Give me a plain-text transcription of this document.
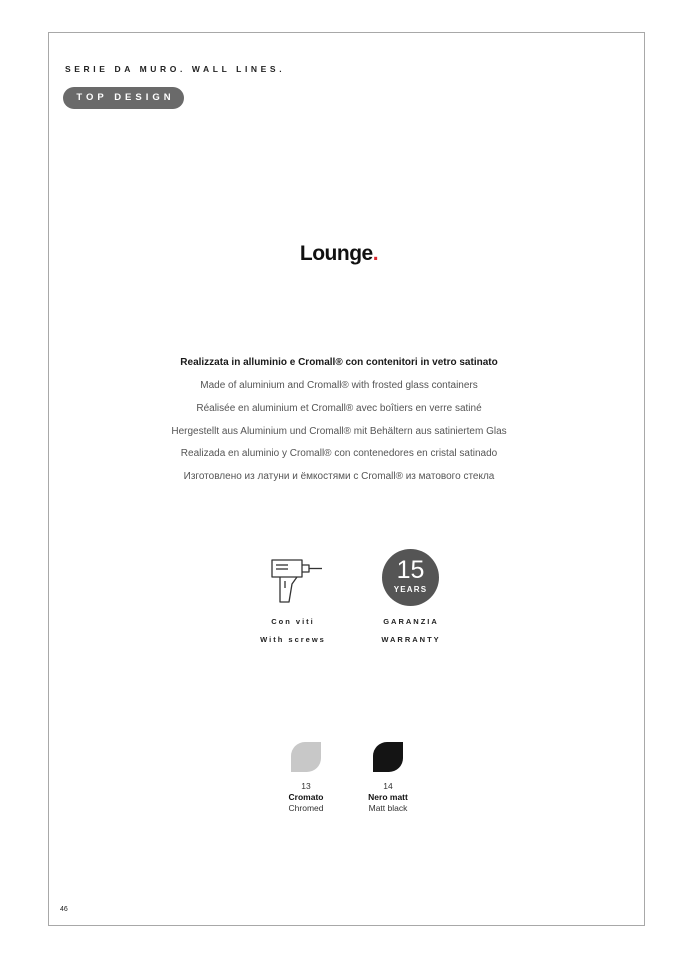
SERIE DA MURO. WALL LINES.
TOP DESIGN
Lounge.
Realizzata in alluminio e Cromall® con contenitori in vetro satinato
Made of aluminium and Cromall® with frosted glass containers
Réalisée en aluminium et Cromall® avec boîtiers en verre satiné
Hergestellt aus Aluminium und Cromall® mit Behältern aus satiniertem Glas
Realizada en aluminio y Cromall® con contenedores en cristal satinado
Изготовлено из латуни и ёмкостями с Cromall® из матового стекла
15
YEARS
Con viti
With screws
GARANZIA
WARRANTY
13
Cromato
Chromed
14
Nero matt
Matt black
46
